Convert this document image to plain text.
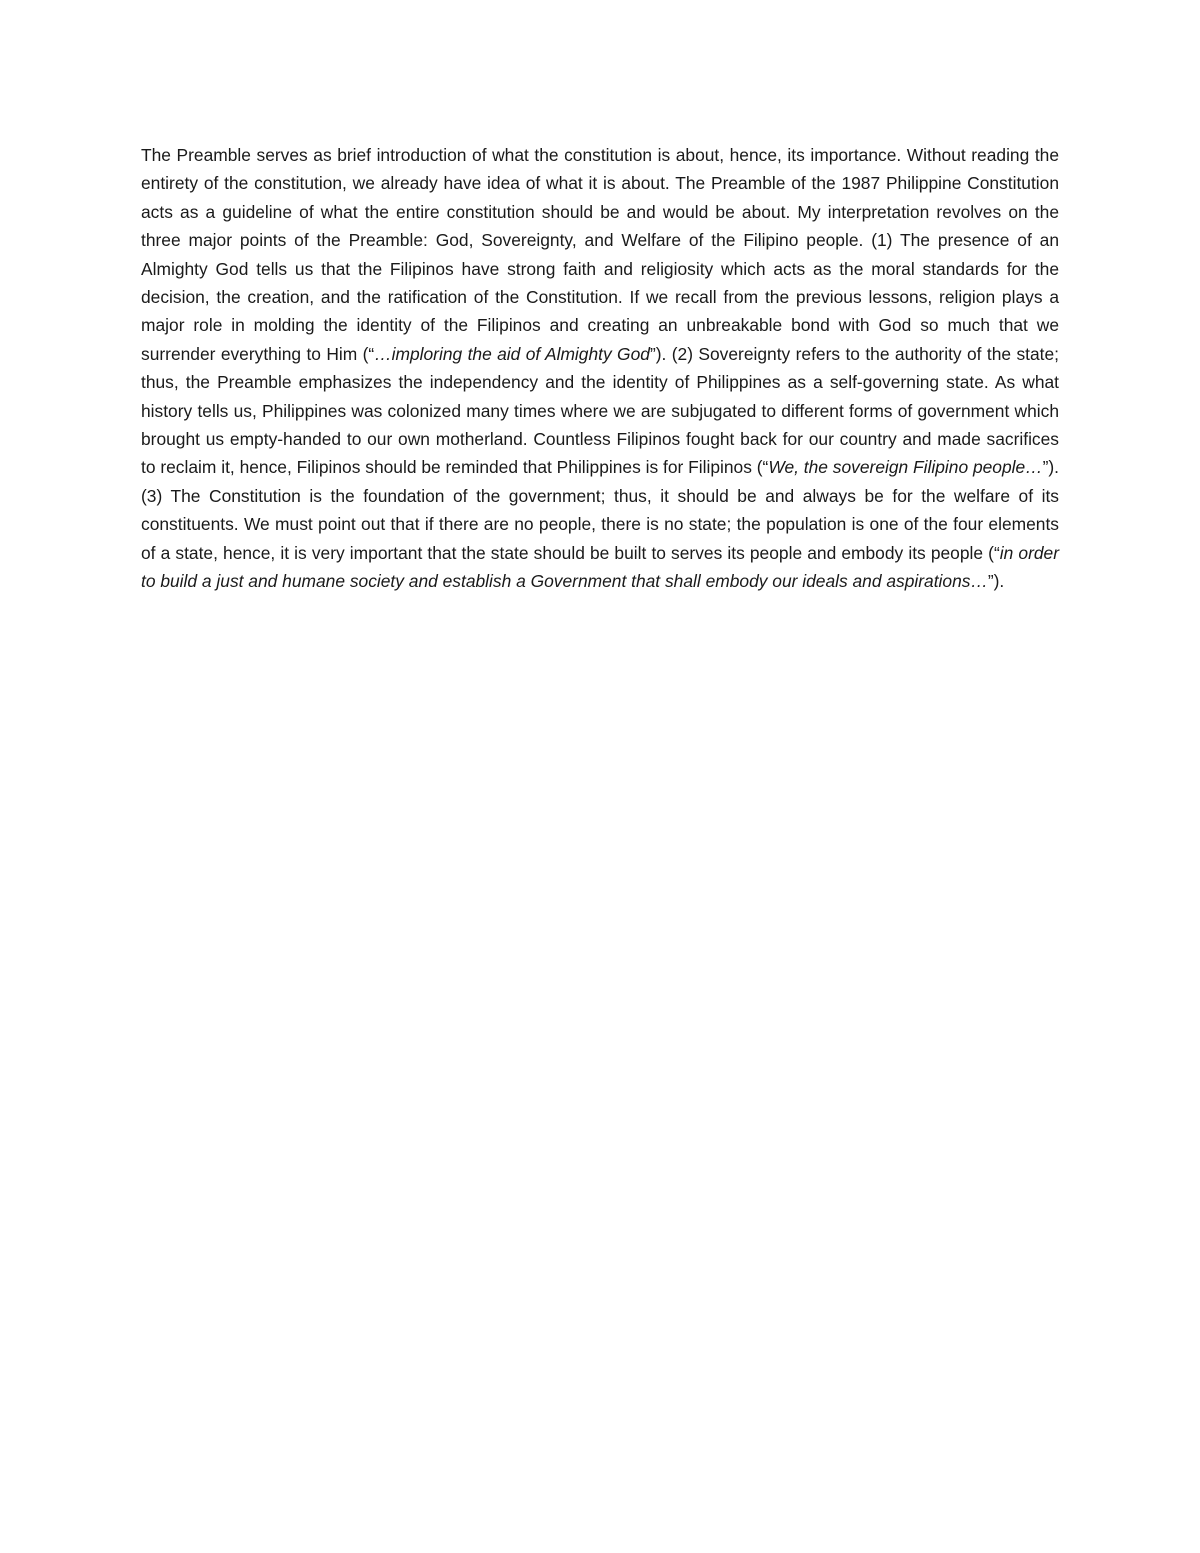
The Preamble serves as brief introduction of what the constitution is about, hence, its importance. Without reading the entirety of the constitution, we already have idea of what it is about. The Preamble of the 1987 Philippine Constitution acts as a guideline of what the entire constitution should be and would be about. My interpretation revolves on the three major points of the Preamble: God, Sovereignty, and Welfare of the Filipino people. (1) The presence of an Almighty God tells us that the Filipinos have strong faith and religiosity which acts as the moral standards for the decision, the creation, and the ratification of the Constitution. If we recall from the previous lessons, religion plays a major role in molding the identity of the Filipinos and creating an unbreakable bond with God so much that we surrender everything to Him (“…imploring the aid of Almighty God”). (2) Sovereignty refers to the authority of the state; thus, the Preamble emphasizes the independency and the identity of Philippines as a self-governing state. As what history tells us, Philippines was colonized many times where we are subjugated to different forms of government which brought us empty-handed to our own motherland. Countless Filipinos fought back for our country and made sacrifices to reclaim it, hence, Filipinos should be reminded that Philippines is for Filipinos (“We, the sovereign Filipino people…”). (3) The Constitution is the foundation of the government; thus, it should be and always be for the welfare of its constituents. We must point out that if there are no people, there is no state; the population is one of the four elements of a state, hence, it is very important that the state should be built to serves its people and embody its people (“in order to build a just and humane society and establish a Government that shall embody our ideals and aspirations…”).
